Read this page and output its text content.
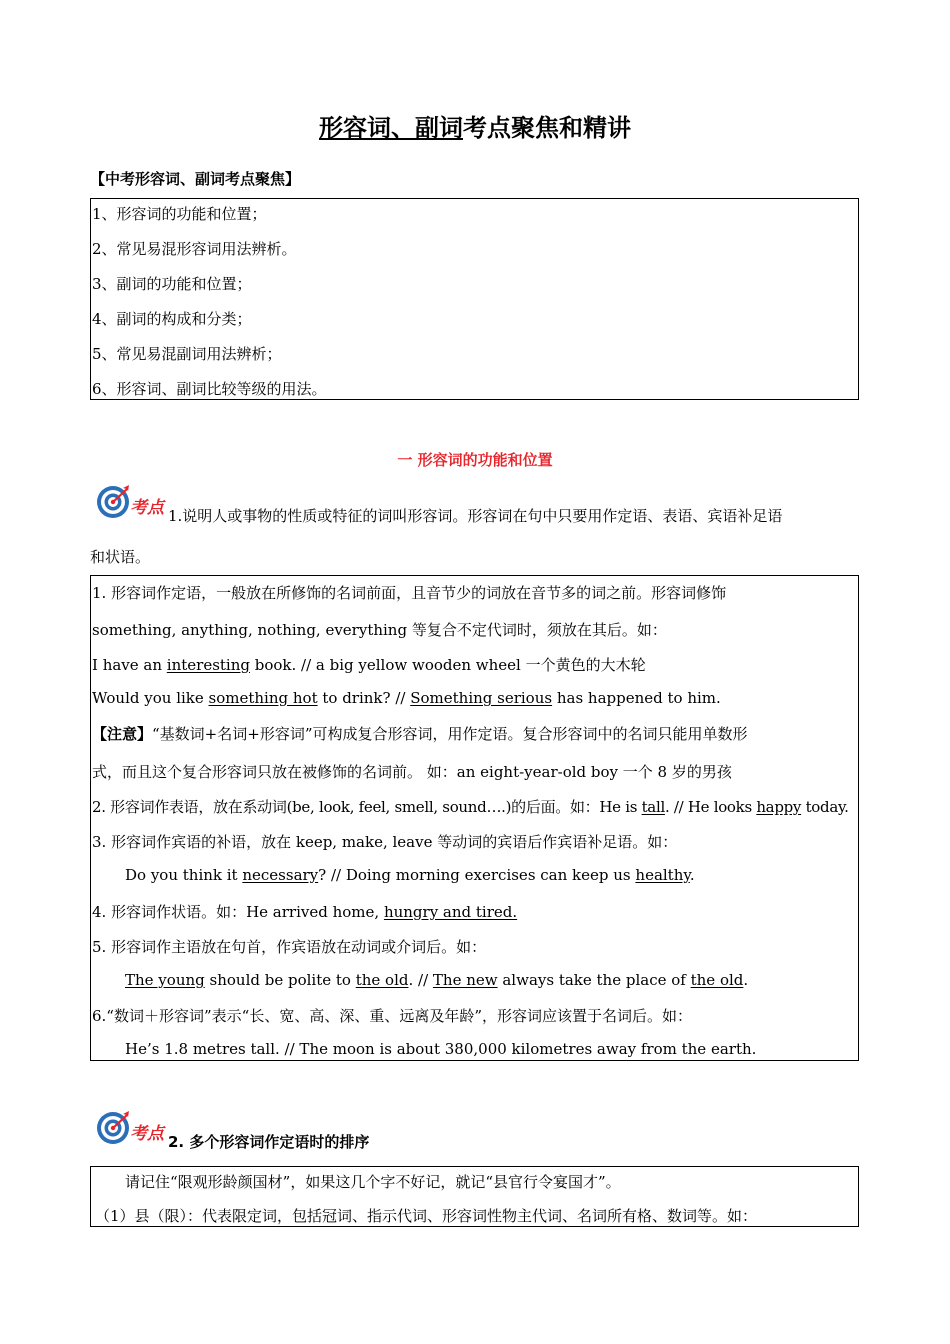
形容词、副词考点聚焦和精讲

【中考形容词、副词考点聚焦】

1、形容词的功能和位置；
2、常见易混形容词用法辨析。
3、副词的功能和位置；
4、副词的构成和分类；
5、常见易混副词用法辨析；
6、形容词、副词比较等级的用法。

一 形容词的功能和位置

考点 1.说明人或事物的性质或特征的词叫形容词。形容词在句中只要用作定语、表语、宾语补足语
和状语。
1. 形容词作定语，一般放在所修饰的名词前面，且音节少的词放在音节多的词之前。形容词修饰
something, anything, nothing, everything 等复合不定代词时，须放在其后。如：
I have an interesting book. // a big yellow wooden wheel 一个黄色的大木轮
Would you like something hot to drink? // Something serious has happened to him.
【注意】“基数词+名词+形容词”可构成复合形容词，用作定语。复合形容词中的名词只能用单数形
式，而且这个复合形容词只放在被修饰的名词前。 如：an eight-year-old boy 一个 8 岁的男孩
2. 形容词作表语，放在系动词(be, look, feel, smell, sound….)的后面。如：He is tall. // He looks happy today.
3. 形容词作宾语的补语，放在 keep, make, leave 等动词的宾语后作宾语补足语。如：
Do you think it necessary? // Doing morning exercises can keep us healthy.
4. 形容词作状语。如：He arrived home, hungry and tired.
5. 形容词作主语放在句首，作宾语放在动词或介词后。如：
The young should be polite to the old. // The new always take the place of the old.
6.“数词＋形容词”表示“长、宽、高、深、重、远离及年龄”，形容词应该置于名词后。如：
He’s 1.8 metres tall. // The moon is about 380,000 kilometres away from the earth.
考点 2. 多个形容词作定语时的排序

请记住“限观形龄颜国材”，如果这几个字不好记，就记“县官行令宴国才”。
（1）县（限）：代表限定词，包括冠词、指示代词、形容词性物主代词、名词所有格、数词等。如：
